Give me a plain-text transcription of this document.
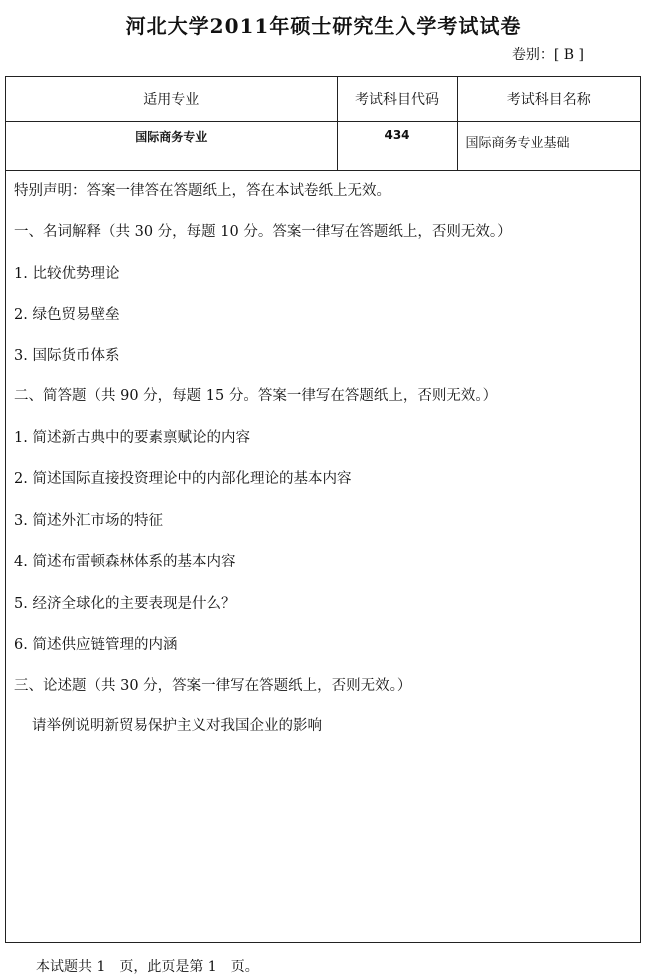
河北大学2011年硕士研究生入学考试试卷
卷别：[ B ]
适用专业	考试科目代码	考试科目名称
国际商务专业	434	国际商务专业基础
特别声明：答案一律答在答题纸上，答在本试卷纸上无效。
一、名词解释（共 30 分，每题 10 分。答案一律写在答题纸上，否则无效。）
1. 比较优势理论
2. 绿色贸易壁垒
3. 国际货币体系
二、简答题（共 90 分，每题 15 分。答案一律写在答题纸上，否则无效。）
1. 简述新古典中的要素禀赋论的内容
2. 简述国际直接投资理论中的内部化理论的基本内容
3. 简述外汇市场的特征
4. 简述布雷顿森林体系的基本内容
5. 经济全球化的主要表现是什么？
6. 简述供应链管理的内涵
三、论述题（共 30 分，答案一律写在答题纸上，否则无效。）
请举例说明新贸易保护主义对我国企业的影响
本试题共 1　页，此页是第 1　页。
